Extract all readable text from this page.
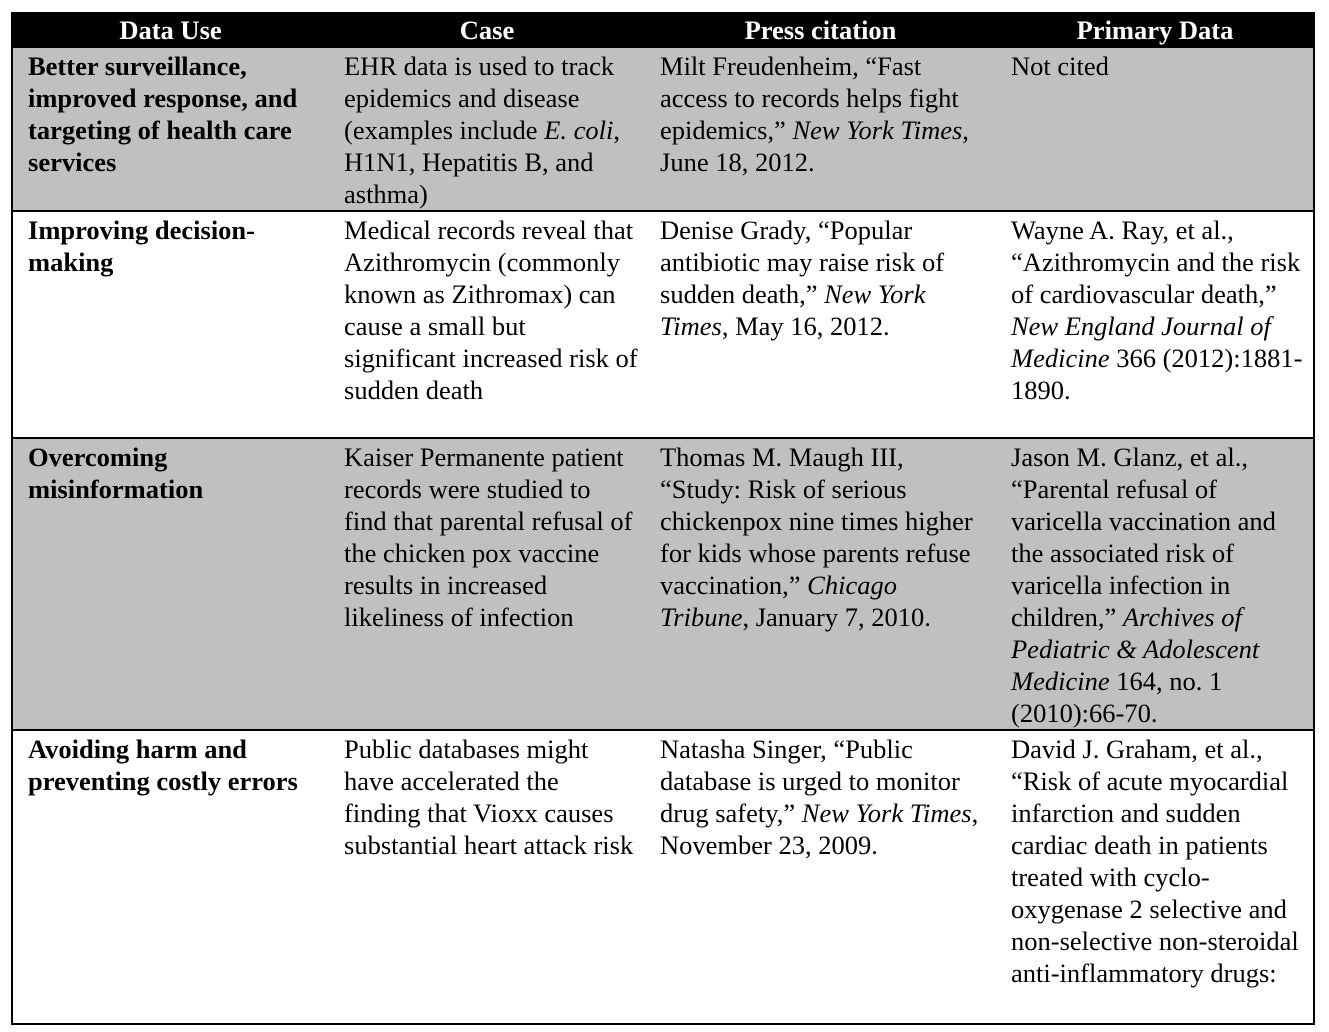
Data Use	Case	Press citation	Primary Data
Better surveillance, improved response, and targeting of health care services	EHR data is used to track epidemics and disease (examples include E. coli, H1N1, Hepatitis B, and asthma)	Milt Freudenheim, “Fast access to records helps fight epidemics,” New York Times, June 18, 2012.	Not cited
Improving decision-making	Medical records reveal that Azithromycin (commonly known as Zithromax) can cause a small but significant increased risk of sudden death	Denise Grady, “Popular antibiotic may raise risk of sudden death,” New York Times, May 16, 2012.	Wayne A. Ray, et al., “Azithromycin and the risk of cardiovascular death,” New England Journal of Medicine 366 (2012):1881-1890.
Overcoming misinformation	Kaiser Permanente patient records were studied to find that parental refusal of the chicken pox vaccine results in increased likeliness of infection	Thomas M. Maugh III, “Study: Risk of serious chickenpox nine times higher for kids whose parents refuse vaccination,” Chicago Tribune, January 7, 2010.	Jason M. Glanz, et al., “Parental refusal of varicella vaccination and the associated risk of varicella infection in children,” Archives of Pediatric & Adolescent Medicine 164, no. 1 (2010):66-70.
Avoiding harm and preventing costly errors	Public databases might have accelerated the finding that Vioxx causes substantial heart attack risk	Natasha Singer, “Public database is urged to monitor drug safety,” New York Times, November 23, 2009.	David J. Graham, et al., “Risk of acute myocardial infarction and sudden cardiac death in patients treated with cyclo-oxygenase 2 selective and non-selective non-steroidal anti-inflammatory drugs:
